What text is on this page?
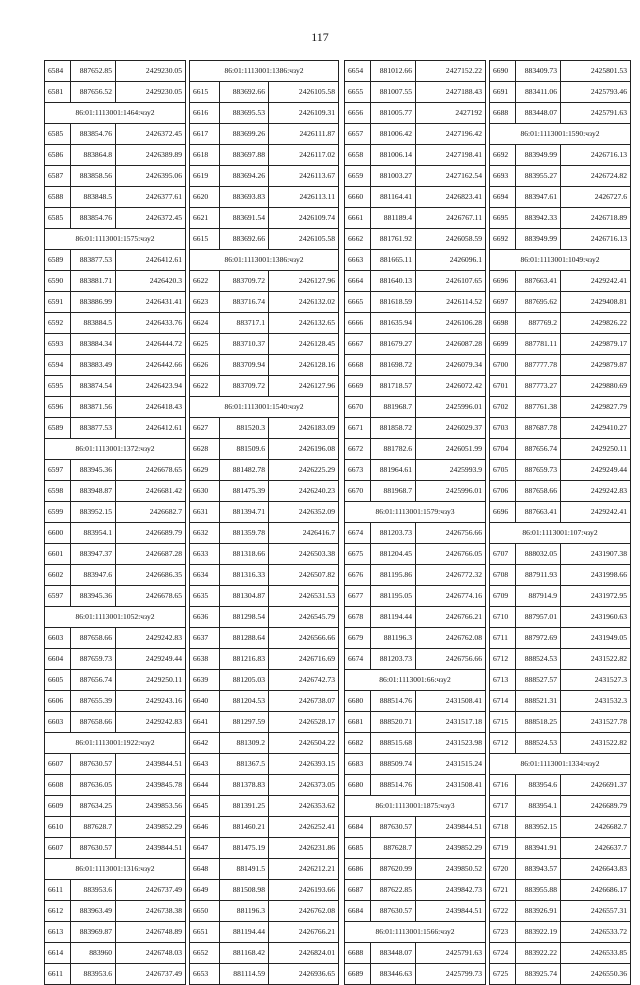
117
6584	887652.85	2429230.05
6581	887656.52	2429230.05
86:01:1113001:1464:чзу2		
6585	883854.76	2426372.45
6586	883864.8	2426389.89
6587	883858.56	2426395.06
6588	883848.5	2426377.61
6585	883854.76	2426372.45
86:01:1113001:1575:чзу2		
6589	883877.53	2426412.61
6590	883881.71	2426420.3
6591	883886.99	2426431.41
6592	883884.5	2426433.76
6593	883884.34	2426444.72
6594	883883.49	2426442.66
6595	883874.54	2426423.94
6596	883871.56	2426418.43
6589	883877.53	2426412.61
86:01:1113001:1372:чзу2		
6597	883945.36	2426678.65
6598	883948.87	2426681.42
6599	883952.15	2426682.7
6600	883954.1	2426689.79
6601	883947.37	2426687.28
6602	883947.6	2426686.35
6597	883945.36	2426678.65
86:01:1113001:1052:чзу2		
6603	887658.66	2429242.83
6604	887659.73	2429249.44
6605	887656.74	2429250.11
6606	887655.39	2429243.16
6603	887658.66	2429242.83
86:01:1113001:1922:чзу2		
6607	887630.57	2439844.51
6608	887636.05	2439845.78
6609	887634.25	2439853.56
6610	887628.7	2439852.29
6607	887630.57	2439844.51
86:01:1113001:1316:чзу2		
6611	883953.6	2426737.49
6612	883963.49	2426738.38
6613	883969.87	2426748.89
6614	883960	2426748.03
6611	883953.6	2426737.49
86:01:1113001:1386:чзу2		
6615	883692.66	2426105.58
6616	883695.53	2426109.31
6617	883699.26	2426111.87
6618	883697.88	2426117.02
6619	883694.26	2426113.67
6620	883693.83	2426113.11
6621	883691.54	2426109.74
6615	883692.66	2426105.58
86:01:1113001:1386:чзу2		
6622	883709.72	2426127.96
6623	883716.74	2426132.02
6624	883717.1	2426132.65
6625	883710.37	2426128.45
6626	883709.94	2426128.16
6622	883709.72	2426127.96
86:01:1113001:1540:чзу2		
6627	881520.3	2426183.09
6628	881509.6	2426196.08
6629	881482.78	2426225.29
6630	881475.39	2426240.23
6631	881394.71	2426352.09
6632	881359.78	2426416.7
6633	881318.66	2426503.38
6634	881316.33	2426507.82
6635	881304.87	2426531.53
6636	881298.54	2426545.79
6637	881288.64	2426566.66
6638	881216.83	2426716.69
6639	881205.03	2426742.73
6640	881204.53	2426738.07
6641	881297.59	2426528.17
6642	881309.2	2426504.22
6643	881367.5	2426393.15
6644	881378.83	2426373.05
6645	881391.25	2426353.62
6646	881460.21	2426252.41
6647	881475.19	2426231.86
6648	881491.5	2426212.21
6649	881508.98	2426193.66
6650	881196.3	2426762.08
6651	881194.44	2426766.21
6652	881168.42	2426824.01
6653	881114.59	2426936.65
6654	881012.66	2427152.22
6655	881007.55	2427188.43
6656	881005.77	2427192
6657	881006.42	2427196.42
6658	881006.14	2427198.41
6659	881003.27	2427162.54
6660	881164.41	2426823.41
6661	881189.4	2426767.11
6662	881761.92	2426058.59
6663	881665.11	2426096.1
6664	881640.13	2426107.65
6665	881618.59	2426114.52
6666	881635.94	2426106.28
6667	881679.27	2426087.28
6668	881698.72	2426079.34
6669	881718.57	2426072.42
6670	881968.7	2425996.01
6671	881858.72	2426029.37
6672	881782.6	2426051.99
6673	881964.61	2425993.9
6670	881968.7	2425996.01
86:01:1113001:1579:чзу3		
6674	881203.73	2426756.66
6675	881204.45	2426766.05
6676	881195.86	2426772.32
6677	881195.05	2426774.16
6678	881194.44	2426766.21
6679	881196.3	2426762.08
6674	881203.73	2426756.66
86:01:1113001:66:чзу2		
6680	888514.76	2431508.41
6681	888520.71	2431517.18
6682	888515.68	2431523.98
6683	888509.74	2431515.24
6680	888514.76	2431508.41
86:01:1113001:1875:чзу3		
6684	887630.57	2439844.51
6685	887628.7	2439852.29
6686	887620.99	2439850.52
6687	887622.85	2439842.73
6684	887630.57	2439844.51
86:01:1113001:1566:чзу2		
6688	883448.07	2425791.63
6689	883446.63	2425799.73
6690	883409.73	2425801.53
6691	883411.06	2425793.46
6688	883448.07	2425791.63
86:01:1113001:1590:чзу2		
6692	883949.99	2426716.13
6693	883955.27	2426724.82
6694	883947.61	2426727.6
6695	883942.33	2426718.89
6692	883949.99	2426716.13
86:01:1113001:1049:чзу2		
6696	887663.41	2429242.41
6697	887695.62	2429408.81
6698	887769.2	2429826.22
6699	887781.11	2429879.17
6700	887777.78	2429879.87
6701	887773.27	2429880.69
6702	887761.38	2429827.79
6703	887687.78	2429410.27
6704	887656.74	2429250.11
6705	887659.73	2429249.44
6706	887658.66	2429242.83
6696	887663.41	2429242.41
86:01:1113001:107:чзу2		
6707	888032.05	2431907.38
6708	887911.93	2431998.66
6709	887914.9	2431972.95
6710	887957.01	2431960.63
6711	887972.69	2431949.05
6712	888524.53	2431522.82
6713	888527.57	2431527.3
6714	888521.31	2431532.3
6715	888518.25	2431527.78
6712	888524.53	2431522.82
86:01:1113001:1334:чзу2		
6716	883954.6	2426691.37
6717	883954.1	2426689.79
6718	883952.15	2426682.7
6719	883941.91	2426637.7
6720	883943.57	2426643.83
6721	883955.88	2426686.17
6722	883926.91	2426557.31
6723	883922.19	2426533.72
6724	883922.22	2426533.85
6725	883925.74	2426550.36
